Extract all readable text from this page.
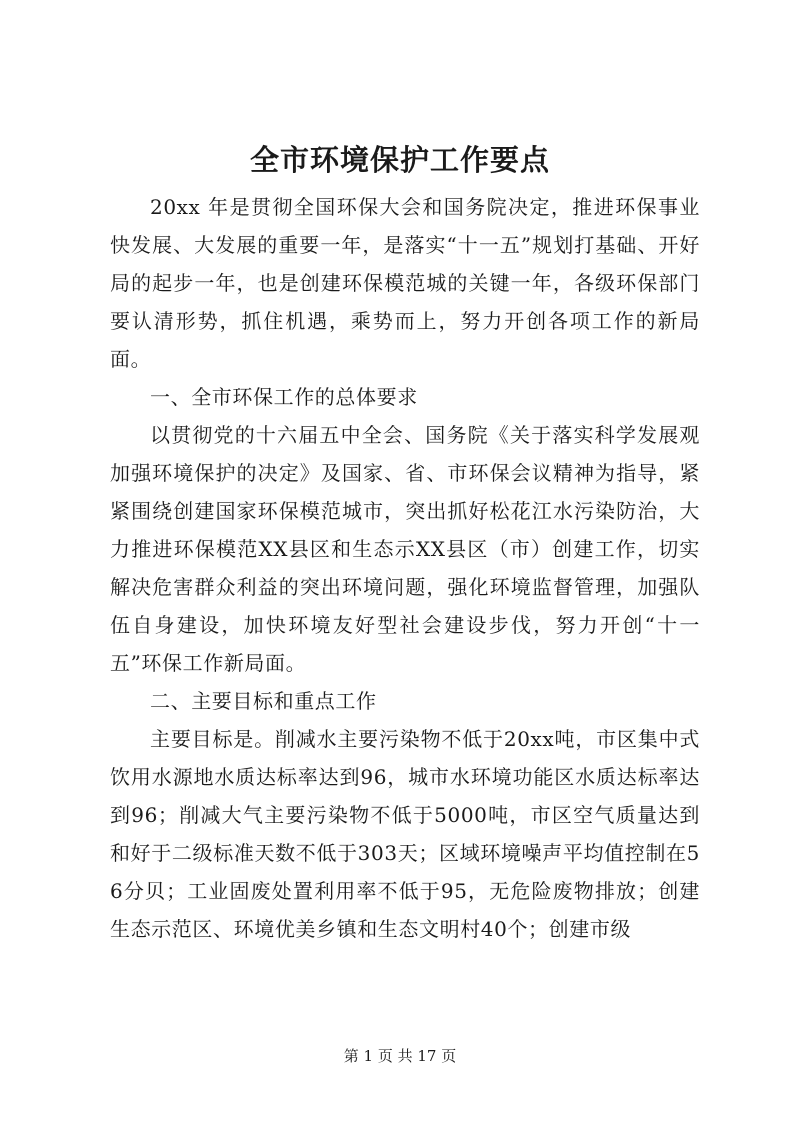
全市环境保护工作要点

20xx 年是贯彻全国环保大会和国务院决定，推进环保事业快发展、大发展的重要一年，是落实“十一五”规划打基础、开好局的起步一年，也是创建环保模范城的关键一年，各级环保部门要认清形势，抓住机遇，乘势而上，努力开创各项工作的新局面。

一、全市环保工作的总体要求

以贯彻党的十六届五中全会、国务院《关于落实科学发展观加强环境保护的决定》及国家、省、市环保会议精神为指导，紧紧围绕创建国家环保模范城市，突出抓好松花江水污染防治，大力推进环保模范XX县区和生态示XX县区（市）创建工作，切实解决危害群众利益的突出环境问题，强化环境监督管理，加强队伍自身建设，加快环境友好型社会建设步伐，努力开创“十一五”环保工作新局面。

二、主要目标和重点工作

主要目标是。削减水主要污染物不低于20xx吨，市区集中式饮用水源地水质达标率达到96，城市水环境功能区水质达标率达到96；削减大气主要污染物不低于5000吨，市区空气质量达到和好于二级标准天数不低于303天；区域环境噪声平均值控制在56分贝；工业固废处置利用率不低于95，无危险废物排放；创建生态示范区、环境优美乡镇和生态文明村40个；创建市级

第 1 页 共 17 页
